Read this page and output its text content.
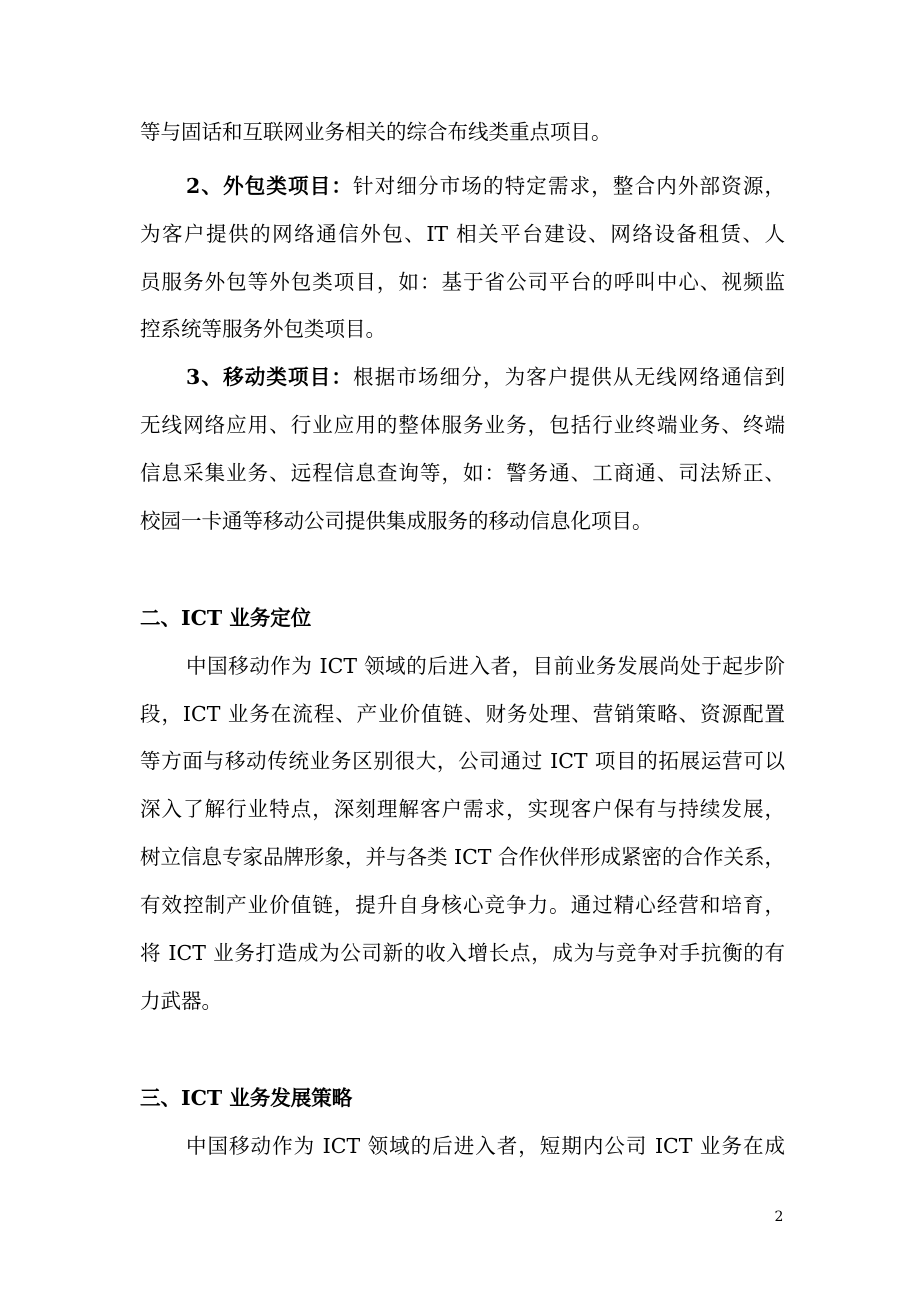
等与固话和互联网业务相关的综合布线类重点项目。
2、外包类项目：针对细分市场的特定需求，整合内外部资源，
为客户提供的网络通信外包、IT 相关平台建设、网络设备租赁、人
员服务外包等外包类项目，如：基于省公司平台的呼叫中心、视频监
控系统等服务外包类项目。
3、移动类项目：根据市场细分，为客户提供从无线网络通信到
无线网络应用、行业应用的整体服务业务，包括行业终端业务、终端
信息采集业务、远程信息查询等，如：警务通、工商通、司法矫正、
校园一卡通等移动公司提供集成服务的移动信息化项目。
二、ICT 业务定位
中国移动作为 ICT 领域的后进入者，目前业务发展尚处于起步阶
段，ICT 业务在流程、产业价值链、财务处理、营销策略、资源配置
等方面与移动传统业务区别很大，公司通过 ICT 项目的拓展运营可以
深入了解行业特点，深刻理解客户需求，实现客户保有与持续发展，
树立信息专家品牌形象，并与各类 ICT 合作伙伴形成紧密的合作关系，
有效控制产业价值链，提升自身核心竞争力。通过精心经营和培育，
将 ICT 业务打造成为公司新的收入增长点，成为与竞争对手抗衡的有
力武器。
三、ICT 业务发展策略
中国移动作为 ICT 领域的后进入者，短期内公司 ICT 业务在成
2
